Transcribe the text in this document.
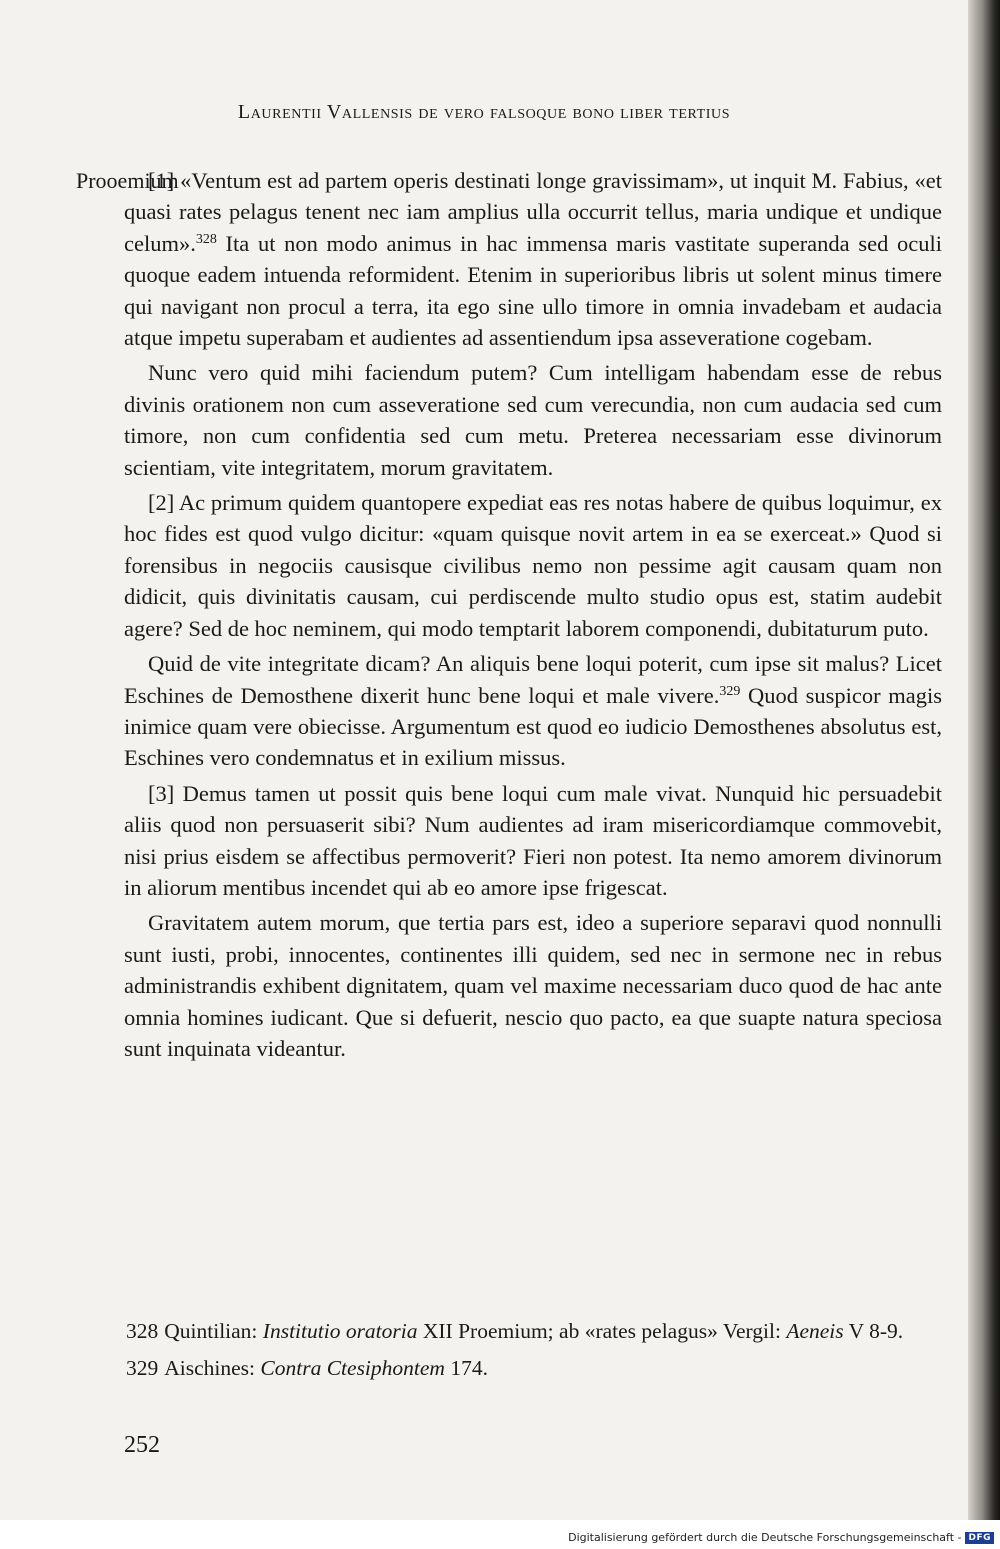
Laurentii Vallensis de vero falsoque bono liber tertius
Prooemium

[1] «Ventum est ad partem operis destinati longe gravissimam», ut inquit M. Fabius, «et quasi rates pelagus tenent nec iam amplius ulla occurrit tellus, maria undique et undique celum».$^{328}$ Ita ut non modo animus in hac immensa maris vastitate superanda sed oculi quoque eadem intuenda reformident. Etenim in superioribus libris ut solent minus timere qui navigant non procul a terra, ita ego sine ullo timore in omnia invadebam et audacia atque impetu superabam et audientes ad assentiendum ipsa asseveratione cogebam.

Nunc vero quid mihi faciendum putem? Cum intelligam habendam esse de rebus divinis orationem non cum asseveratione sed cum verecundia, non cum audacia sed cum timore, non cum confidentia sed cum metu. Preterea necessariam esse divinorum scientiam, vite integritatem, morum gravitatem.

[2] Ac primum quidem quantopere expediat eas res notas habere de quibus loquimur, ex hoc fides est quod vulgo dicitur: «quam quisque novit artem in ea se exerceat.» Quod si forensibus in negociis causisque civilibus nemo non pessime agit causam quam non didicit, quis divinitatis causam, cui perdiscende multo studio opus est, statim audebit agere? Sed de hoc neminem, qui modo temptarit laborem componendi, dubitaturum puto.

Quid de vite integritate dicam? An aliquis bene loqui poterit, cum ipse sit malus? Licet Eschines de Demosthene dixerit hunc bene loqui et male vivere.$^{329}$ Quod suspicor magis inimice quam vere obiecisse. Argumentum est quod eo iudicio Demosthenes absolutus est, Eschines vero condemnatus et in exilium missus.

[3] Demus tamen ut possit quis bene loqui cum male vivat. Nunquid hic persuadebit aliis quod non persuaserit sibi? Num audientes ad iram misericordiamque commovebit, nisi prius eisdem se affectibus permoverit? Fieri non potest. Ita nemo amorem divinorum in aliorum mentibus incendet qui ab eo amore ipse frigescat.

Gravitatem autem morum, que tertia pars est, ideo a superiore separavi quod nonnulli sunt iusti, probi, innocentes, continentes illi quidem, sed nec in sermone nec in rebus administrandis exhibent dignitatem, quam vel maxime necessariam duco quod de hac ante omnia homines iudicant. Que si defuerit, nescio quo pacto, ea que suapte natura speciosa sunt inquinata videantur.

328 Quintilian: Institutio oratoria XII Proemium; ab «rates pelagus» Vergil: Aeneis V 8-9.
329 Aischines: Contra Ctesiphontem 174.
252
Digitalisierung gefördert durch die Deutsche Forschungsgemeinschaft - DFG
